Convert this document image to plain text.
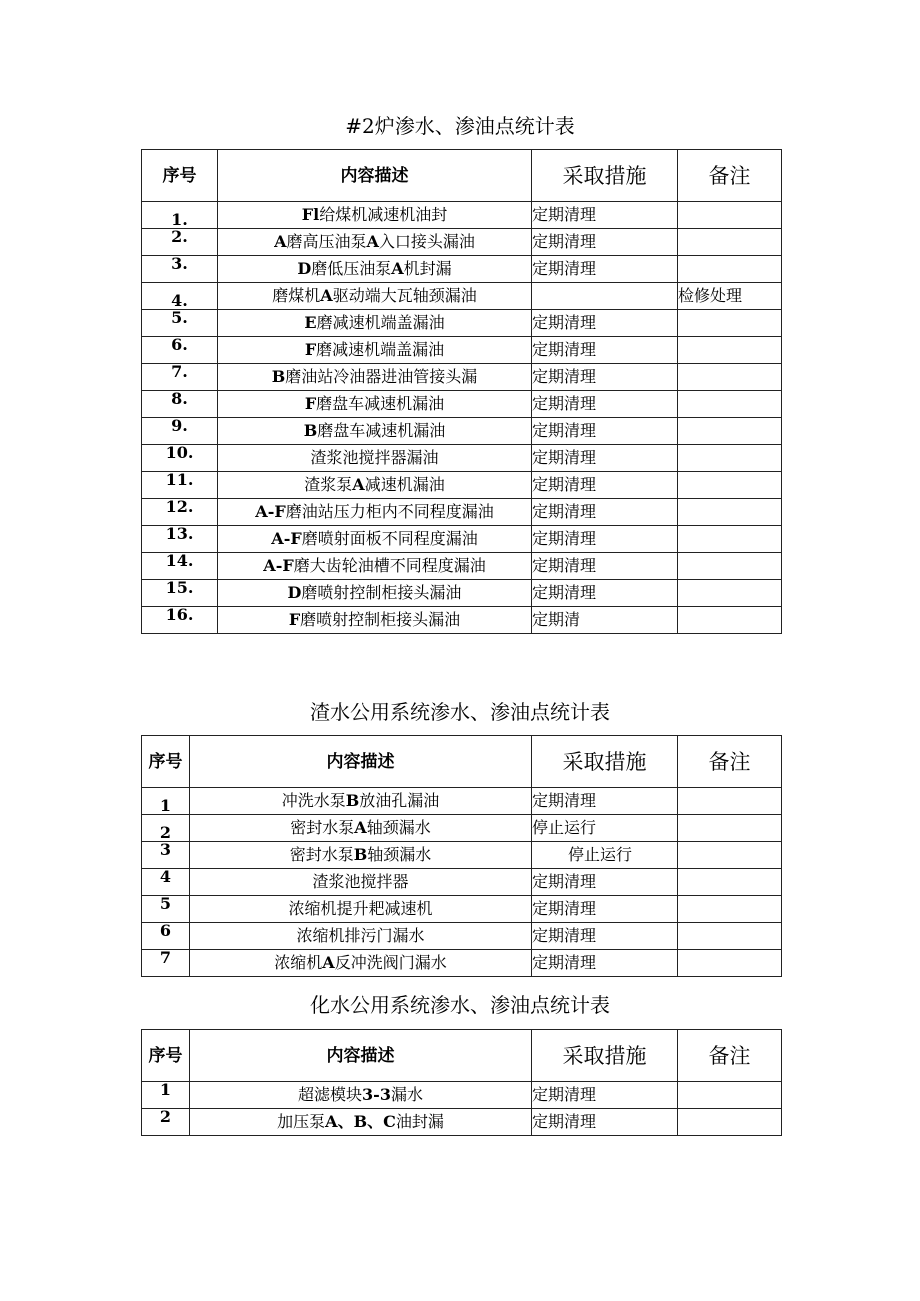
#2炉渗水、渗油点统计表
序号	内容描述	采取措施	备注
1.	Fl给煤机减速机油封	定期清理	
2.	A磨高压油泵A入口接头漏油	定期清理	
3.	D磨低压油泵A机封漏	定期清理	
4.	磨煤机A驱动端大瓦轴颈漏油		检修处理
5.	E磨减速机端盖漏油	定期清理	
6.	F磨减速机端盖漏油	定期清理	
7.	B磨油站冷油器进油管接头漏	定期清理	
8.	F磨盘车减速机漏油	定期清理	
9.	B磨盘车减速机漏油	定期清理	
10.	渣浆池搅拌器漏油	定期清理	
11.	渣浆泵A减速机漏油	定期清理	
12.	A-F磨油站压力柜内不同程度漏油	定期清理	
13.	A-F磨喷射面板不同程度漏油	定期清理	
14.	A-F磨大齿轮油槽不同程度漏油	定期清理	
15.	D磨喷射控制柜接头漏油	定期清理	
16.	F磨喷射控制柜接头漏油	定期清	
渣水公用系统渗水、渗油点统计表
序号	内容描述	采取措施	备注
1	冲洗水泵B放油孔漏油	定期清理	
2	密封水泵A轴颈漏水	停止运行	
3	密封水泵B轴颈漏水	停止运行	
4	渣浆池搅拌器	定期清理	
5	浓缩机提升耙减速机	定期清理	
6	浓缩机排污门漏水	定期清理	
7	浓缩机A反冲洗阀门漏水	定期清理	
化水公用系统渗水、渗油点统计表
序号	内容描述	采取措施	备注
1	超滤模块3-3漏水	定期清理	
2	加压泵A、B、C油封漏	定期清理	
